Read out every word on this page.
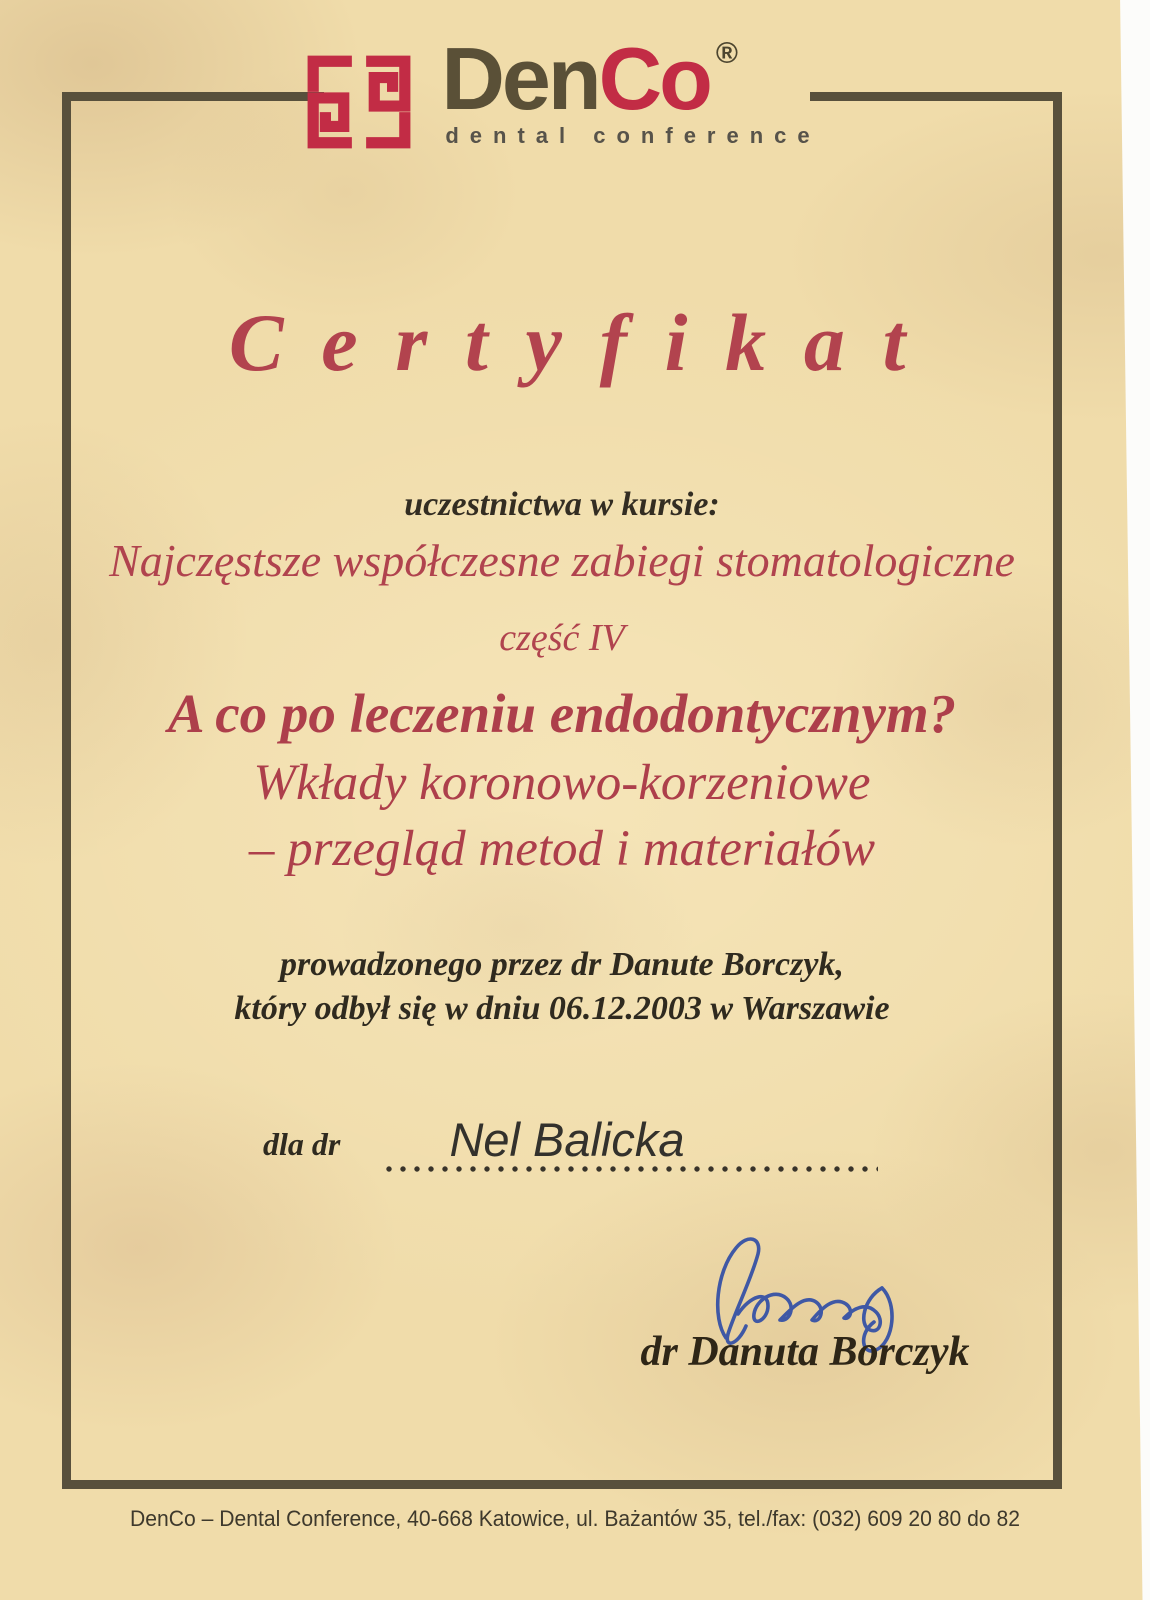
DenCo ®
dental conference
Certyfikat
uczestnictwa w kursie:
Najczęstsze współczesne zabiegi stomatologiczne
część IV
A co po leczeniu endodontycznym?
Wkłady koronowo-korzeniowe
– przegląd metod i materiałów
prowadzonego przez dr Danute Borczyk,
który odbył się w dniu 06.12.2003 w Warszawie
dla dr	Nel Balicka
dr Danuta Borczyk
DenCo – Dental Conference, 40-668 Katowice, ul. Bażantów 35, tel./fax: (032) 609 20 80 do 82
